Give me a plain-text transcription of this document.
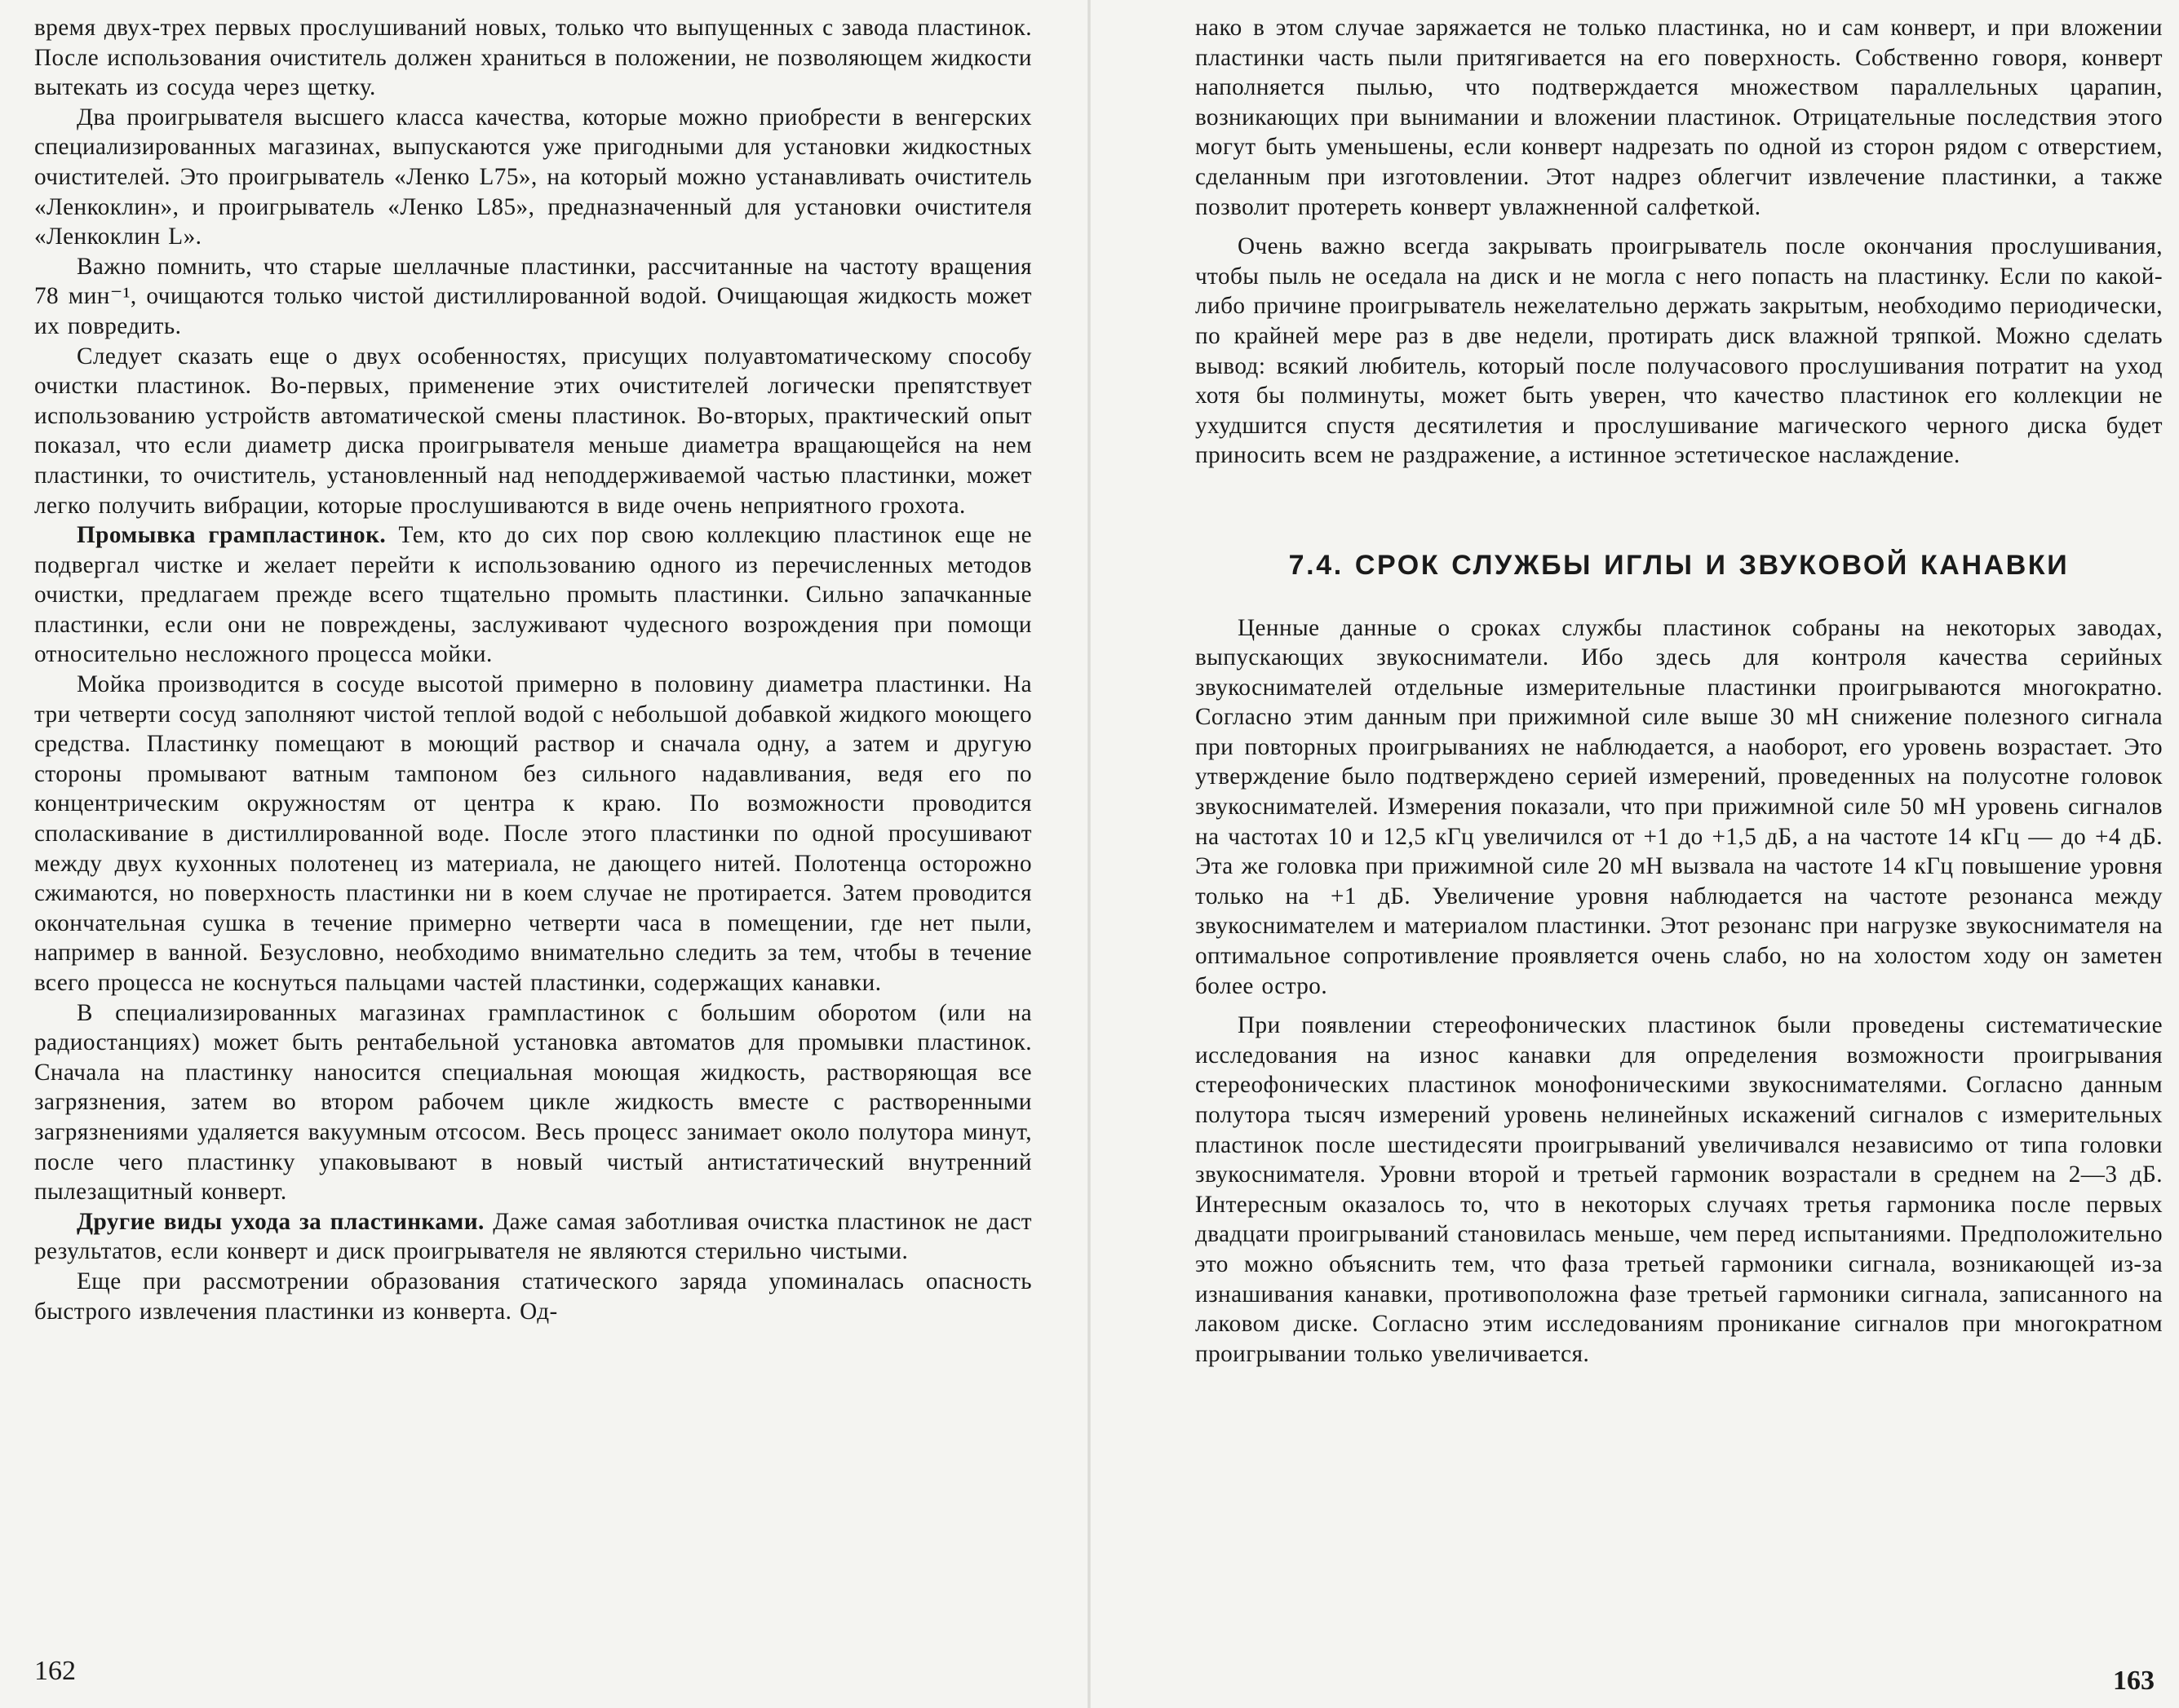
время двух-трех первых прослушиваний новых, только что выпущенных с завода пластинок. После использования очиститель должен храниться в положении, не позволяющем жидкости вытекать из сосуда через щетку.

Два проигрывателя высшего класса качества, которые можно приобрести в венгерских специализированных магазинах, выпускаются уже пригодными для установки жидкостных очистителей. Это проигрыватель «Ленко L75», на который можно устанавливать очиститель «Ленкоклин», и проигрыватель «Ленко L85», предназначенный для установки очистителя «Ленкоклин L».

Важно помнить, что старые шеллачные пластинки, рассчитанные на частоту вращения 78 мин⁻¹, очищаются только чистой дистиллированной водой. Очищающая жидкость может их повредить.

Следует сказать еще о двух особенностях, присущих полуавтоматическому способу очистки пластинок. Во-первых, применение этих очистителей логически препятствует использованию устройств автоматической смены пластинок. Во-вторых, практический опыт показал, что если диаметр диска проигрывателя меньше диаметра вращающейся на нем пластинки, то очиститель, установленный над неподдерживаемой частью пластинки, может легко получить вибрации, которые прослушиваются в виде очень неприятного грохота.

Промывка грампластинок. Тем, кто до сих пор свою коллекцию пластинок еще не подвергал чистке и желает перейти к использованию одного из перечисленных методов очистки, предлагаем прежде всего тщательно промыть пластинки. Сильно запачканные пластинки, если они не повреждены, заслуживают чудесного возрождения при помощи относительно несложного процесса мойки.

Мойка производится в сосуде высотой примерно в половину диаметра пластинки. На три четверти сосуд заполняют чистой теплой водой с небольшой добавкой жидкого моющего средства. Пластинку помещают в моющий раствор и сначала одну, а затем и другую стороны промывают ватным тампоном без сильного надавливания, ведя его по концентрическим окружностям от центра к краю. По возможности проводится споласкивание в дистиллированной воде. После этого пластинки по одной просушивают между двух кухонных полотенец из материала, не дающего нитей. Полотенца осторожно сжимаются, но поверхность пластинки ни в коем случае не протирается. Затем проводится окончательная сушка в течение примерно четверти часа в помещении, где нет пыли, например в ванной. Безусловно, необходимо внимательно следить за тем, чтобы в течение всего процесса не коснуться пальцами частей пластинки, содержащих канавки.

В специализированных магазинах грампластинок с большим оборотом (или на радиостанциях) может быть рентабельной установка автоматов для промывки пластинок. Сначала на пластинку наносится специальная моющая жидкость, растворяющая все загрязнения, затем во втором рабочем цикле жидкость вместе с растворенными загрязнениями удаляется вакуумным отсосом. Весь процесс занимает около полутора минут, после чего пластинку упаковывают в новый чистый антистатический внутренний пылезащитный конверт.

Другие виды ухода за пластинками. Даже самая заботливая очистка пластинок не даст результатов, если конверт и диск проигрывателя не являются стерильно чистыми.

Еще при рассмотрении образования статического заряда упоминалась опасность быстрого извлечения пластинки из конверта. Од-

162

нако в этом случае заряжается не только пластинка, но и сам конверт, и при вложении пластинки часть пыли притягивается на его поверхность. Собственно говоря, конверт наполняется пылью, что подтверждается множеством параллельных царапин, возникающих при вынимании и вложении пластинок. Отрицательные последствия этого могут быть уменьшены, если конверт надрезать по одной из сторон рядом с отверстием, сделанным при изготовлении. Этот надрез облегчит извлечение пластинки, а также позволит протереть конверт увлажненной салфеткой.

Очень важно всегда закрывать проигрыватель после окончания прослушивания, чтобы пыль не оседала на диск и не могла с него попасть на пластинку. Если по какой-либо причине проигрыватель нежелательно держать закрытым, необходимо периодически, по крайней мере раз в две недели, протирать диск влажной тряпкой. Можно сделать вывод: всякий любитель, который после получасового прослушивания потратит на уход хотя бы полминуты, может быть уверен, что качество пластинок его коллекции не ухудшится спустя десятилетия и прослушивание магического черного диска будет приносить всем не раздражение, а истинное эстетическое наслаждение.

7.4. СРОК СЛУЖБЫ ИГЛЫ И ЗВУКОВОЙ КАНАВКИ

Ценные данные о сроках службы пластинок собраны на некоторых заводах, выпускающих звукосниматели. Ибо здесь для контроля качества серийных звукоснимателей отдельные измерительные пластинки проигрываются многократно. Согласно этим данным при прижимной силе выше 30 мН снижение полезного сигнала при повторных проигрываниях не наблюдается, а наоборот, его уровень возрастает. Это утверждение было подтверждено серией измерений, проведенных на полусотне головок звукоснимателей. Измерения показали, что при прижимной силе 50 мН уровень сигналов на частотах 10 и 12,5 кГц увеличился от +1 до +1,5 дБ, а на частоте 14 кГц — до +4 дБ. Эта же головка при прижимной силе 20 мН вызвала на частоте 14 кГц повышение уровня только на +1 дБ. Увеличение уровня наблюдается на частоте резонанса между звукоснимателем и материалом пластинки. Этот резонанс при нагрузке звукоснимателя на оптимальное сопротивление проявляется очень слабо, но на холостом ходу он заметен более остро.

При появлении стереофонических пластинок были проведены систематические исследования на износ канавки для определения возможности проигрывания стереофонических пластинок монофоническими звукоснимателями. Согласно данным полутора тысяч измерений уровень нелинейных искажений сигналов с измерительных пластинок после шестидесяти проигрываний увеличивался независимо от типа головки звукоснимателя. Уровни второй и третьей гармоник возрастали в среднем на 2—3 дБ. Интересным оказалось то, что в некоторых случаях третья гармоника после первых двадцати проигрываний становилась меньше, чем перед испытаниями. Предположительно это можно объяснить тем, что фаза третьей гармоники сигнала, возникающей из-за изнашивания канавки, противоположна фазе третьей гармоники сигнала, записанного на лаковом диске. Согласно этим исследованиям проникание сигналов при многократном проигрывании только увеличивается.

163
